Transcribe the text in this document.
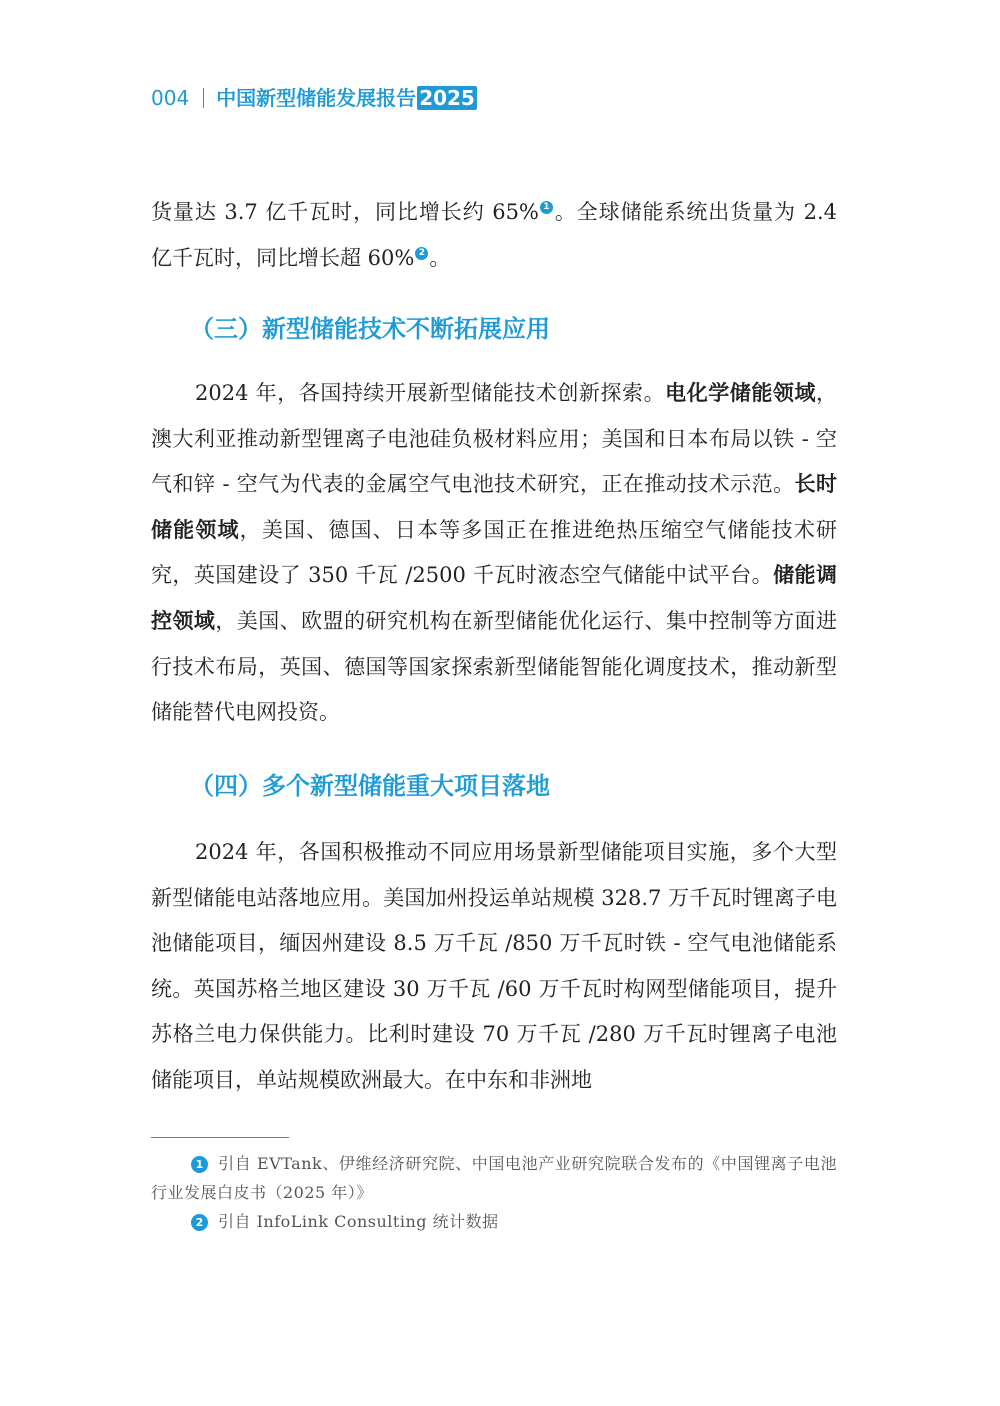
004 中国新型储能发展报告 2025

货量达 3.7 亿千瓦时，同比增长约 65% 1 。全球储能系统出货量为 2.4 亿千瓦时，同比增长超 60% 2 。

（三）新型储能技术不断拓展应用

2024 年，各国持续开展新型储能技术创新探索。电化学储能领域，澳大利亚推动新型锂离子电池硅负极材料应用；美国和日本布局以铁 - 空气和锌 - 空气为代表的金属空气电池技术研究，正在推动技术示范。长时储能领域，美国、德国、日本等多国正在推进绝热压缩空气储能技术研究，英国建设了 350 千瓦 /2500 千瓦时液态空气储能中试平台。储能调控领域，美国、欧盟的研究机构在新型储能优化运行、集中控制等方面进行技术布局，英国、德国等国家探索新型储能智能化调度技术，推动新型储能替代电网投资。

（四）多个新型储能重大项目落地

2024 年，各国积极推动不同应用场景新型储能项目实施，多个大型新型储能电站落地应用。美国加州投运单站规模 328.7 万千瓦时锂离子电池储能项目，缅因州建设 8.5 万千瓦 /850 万千瓦时铁 - 空气电池储能系统。英国苏格兰地区建设 30 万千瓦 /60 万千瓦时构网型储能项目，提升苏格兰电力保供能力。比利时建设 70 万千瓦 /280 万千瓦时锂离子电池储能项目，单站规模欧洲最大。在中东和非洲地

1 引自 EVTank、伊维经济研究院、中国电池产业研究院联合发布的《中国锂离子电池行业发展白皮书（2025 年）》

2 引自 InfoLink Consulting 统计数据
